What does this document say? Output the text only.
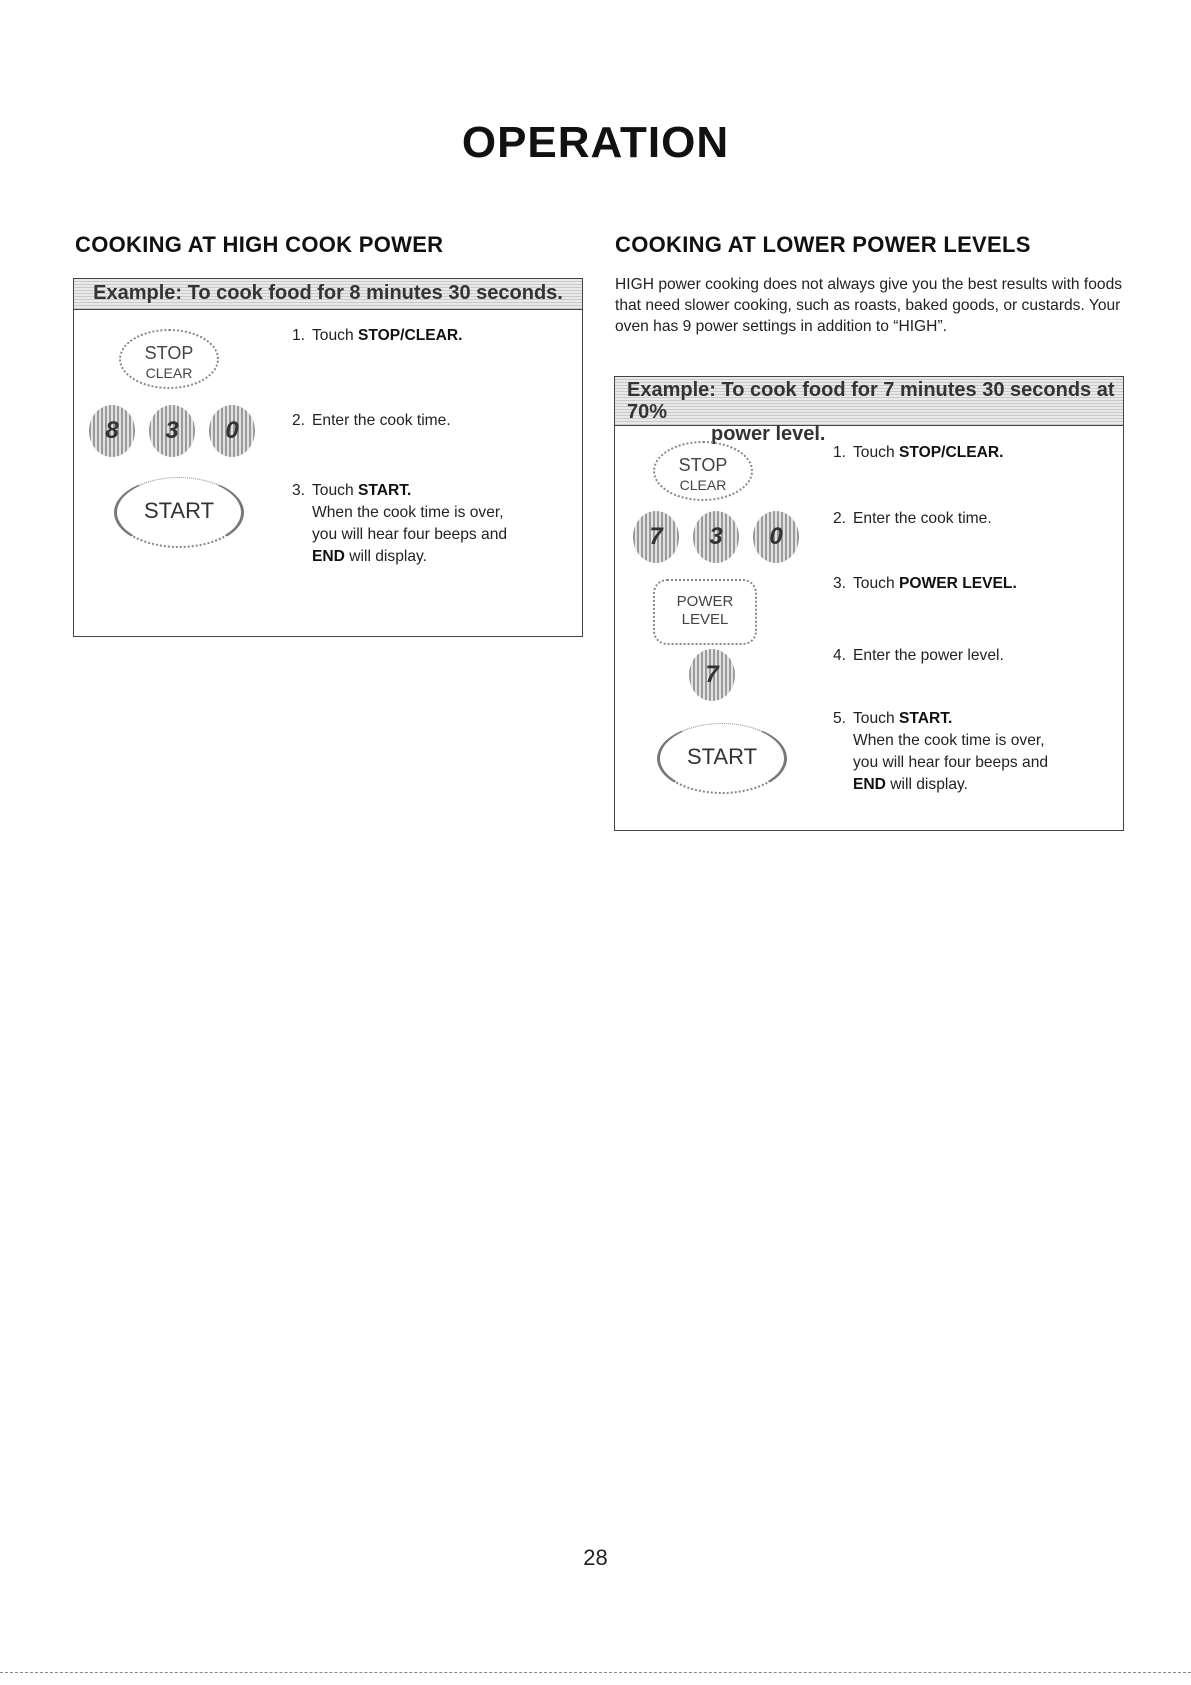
OPERATION
COOKING AT HIGH COOK POWER
Example: To cook food for 8 minutes 30 seconds.
STOP
CLEAR
1. Touch STOP/CLEAR.
8	3	0	2. Enter the cook time.
START
3. Touch START.
When the cook time is over,
you will hear four beeps and
END will display.
COOKING AT LOWER POWER LEVELS
HIGH power cooking does not always give you the best results with foods that need slower cooking, such as roasts, baked goods, or custards. Your oven has 9 power settings in addition to “HIGH”.
Example: To cook food for 7 minutes 30 seconds at 70%
power level.
STOP
CLEAR
1. Touch STOP/CLEAR.
7	3	0
2. Enter the cook time.
POWER
LEVEL
3. Touch POWER LEVEL.
7
4. Enter the power level.
START
5. Touch START.
When the cook time is over,
you will hear four beeps and
END will display.
28
